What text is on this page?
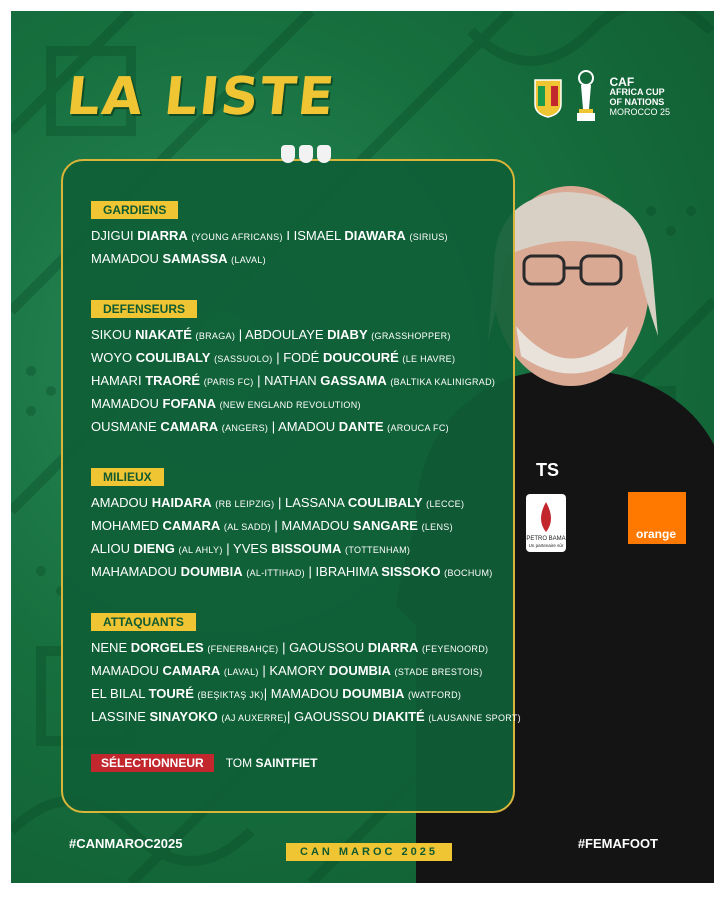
LA LISTE	CAF
AFRICA CUP
OF NATIONS
MOROCCO 25
TS
PETRO BAMA
Un partenaire sûr
orange
GARDIENS
DJIGUI DIARRA (YOUNG AFRICANS) I ISMAEL DIAWARA (SIRIUS)
MAMADOU SAMASSA (LAVAL)
DEFENSEURS
SIKOU NIAKATÉ (BRAGA) | ABDOULAYE DIABY (GRASSHOPPER)
WOYO COULIBALY (SASSUOLO) | FODÉ DOUCOURÉ (LE HAVRE)
HAMARI TRAORÉ (PARIS FC) | NATHAN GASSAMA (BALTIKA KALINIGRAD)
MAMADOU FOFANA (NEW ENGLAND REVOLUTION)
OUSMANE CAMARA (ANGERS) | AMADOU DANTE (AROUCA FC)
MILIEUX
AMADOU HAIDARA (RB LEIPZIG) | LASSANA COULIBALY (LECCE)
MOHAMED CAMARA (AL SADD) | MAMADOU SANGARE (LENS)
ALIOU DIENG (AL AHLY) | YVES BISSOUMA (TOTTENHAM)
MAHAMADOU DOUMBIA (AL-ITTIHAD) | IBRAHIMA SISSOKO (BOCHUM)
ATTAQUANTS
NENE DORGELES (FENERBAHÇE) | GAOUSSOU DIARRA (FEYENOORD)
MAMADOU CAMARA (LAVAL) | KAMORY DOUMBIA (STADE BRESTOIS)
EL BILAL TOURÉ (BEŞIKTAŞ JK)| MAMADOU DOUMBIA (WATFORD)
LASSINE SINAYOKO (AJ AUXERRE)| GAOUSSOU DIAKITÉ (LAUSANNE SPORT)
SÉLECTIONNEUR TOM SAINTFIET
#CANMAROC2025
CAN MAROC 2025
#FEMAFOOT
